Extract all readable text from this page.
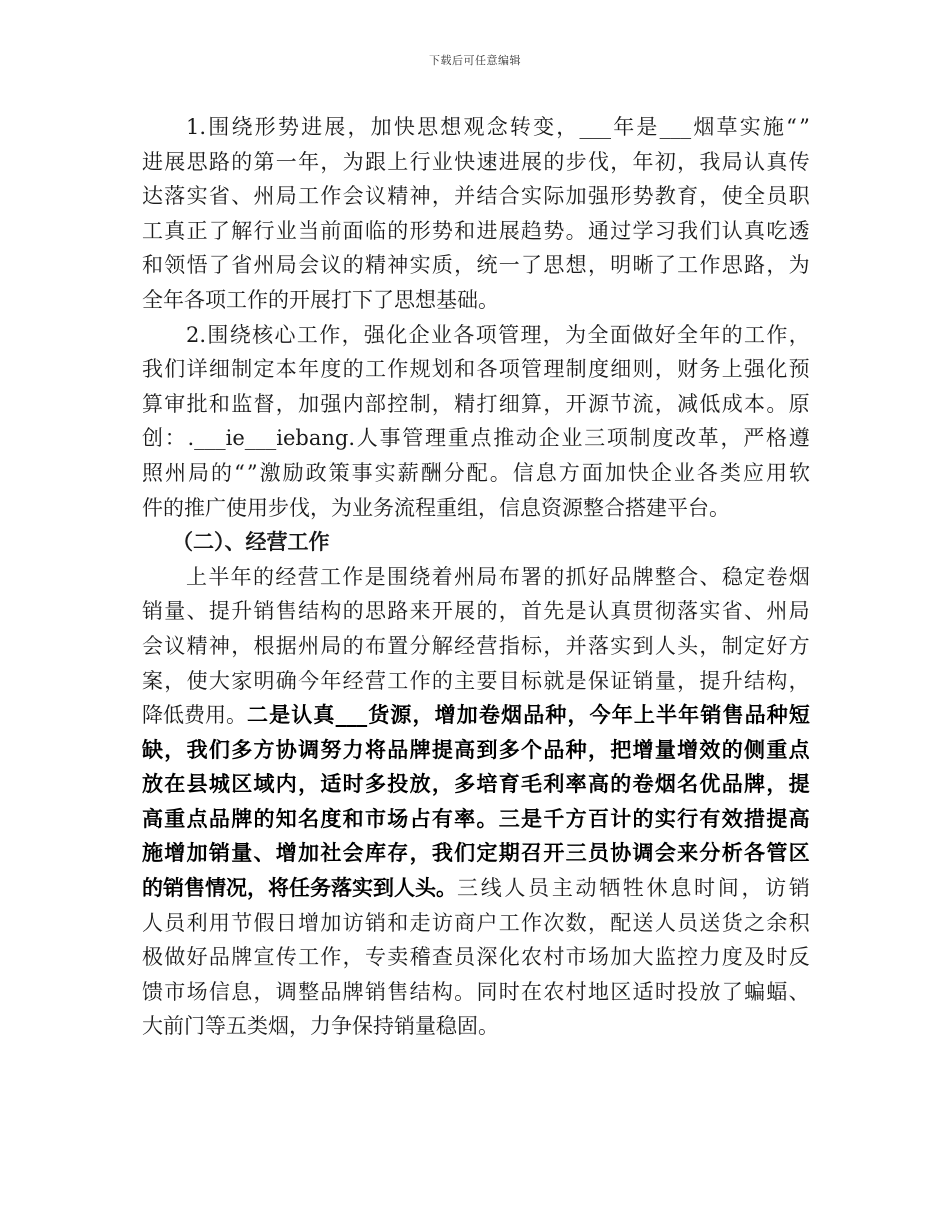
下载后可任意编辑
1. 围 绕 形 势 进 展 ， 加 快 思 想 观 念 转 变 ， ___ 年 是 ___ 烟 草 实 施 “ ”
进 展 思 路 的 第 一 年 ， 为 跟 上 行 业 快 速 进 展 的 步 伐 ， 年 初 ， 我 局 认 真 传
达 落 实 省 、 州 局 工 作 会 议 精 神 ， 并 结 合 实 际 加 强 形 势 教 育 ， 使 全 员 职
工 真 正 了 解 行 业 当 前 面 临 的 形 势 和 进 展 趋 势 。 通 过 学 习 我 们 认 真 吃 透
和 领 悟 了 省 州 局 会 议 的 精 神 实 质 ， 统 一 了 思 想 ， 明 晰 了 工 作 思 路 ， 为
全年各项工作的开展打下了思想基础。
2. 围 绕 核 心 工 作 ， 强 化 企 业 各 项 管 理 ， 为 全 面 做 好 全 年 的 工 作 ，
我 们 详 细 制 定 本 年 度 的 工 作 规 划 和 各 项 管 理 制 度 细 则 ， 财 务 上 强 化 预
算 审 批 和 监 督 ， 加 强 内 部 控 制 ， 精 打 细 算 ， 开 源 节 流 ， 减 低 成 本 。 原
创 ： .___ie___iebang. 人 事 管 理 重 点 推 动 企 业 三 项 制 度 改 革 ， 严 格 遵
照 州 局 的 “ ” 激 励 政 策 事 实 薪 酬 分 配 。 信 息 方 面 加 快 企 业 各 类 应 用 软
件的推广使用步伐，为业务流程重组，信息资源整合搭建平台。
（二）、经营工作
上 半 年 的 经 营 工 作 是 围 绕 着 州 局 布 署 的 抓 好 品 牌 整 合 、 稳 定 卷 烟
销 量 、 提 升 销 售 结 构 的 思 路 来 开 展 的 ， 首 先 是 认 真 贯 彻 落 实 省 、 州 局
会 议 精 神 ， 根 据 州 局 的 布 置 分 解 经 营 指 标 ， 并 落 实 到 人 头 ， 制 定 好 方
案 ， 使 大 家 明 确 今 年 经 营 工 作 的 主 要 目 标 就 是 保 证 销 量 ， 提 升 结 构 ，
降低费用。 二 是 认 真 ___ 货 源 ， 增 加 卷 烟 品 种 ， 今 年 上 半 年 销 售 品 种 短
缺 ， 我 们 多 方 协 调 努 力 将 品 牌 提 高 到 多 个 品 种 ， 把 增 量 增 效 的 侧 重 点
放 在 县 城 区 域 内 ， 适 时 多 投 放 ， 多 培 育 毛 利 率 高 的 卷 烟 名 优 品 牌 ， 提
高 重 点 品 牌 的 知 名 度 和 市 场 占 有 率 。 三 是 千 方 百 计 的 实 行 有 效 措 提 高
施 增 加 销 量 、 增 加 社 会 库 存 ， 我 们 定 期 召 开 三 员 协 调 会 来 分 析 各 管 区
的销售情况，将任务落实到人头。 三 线 人 员 主 动 牺 牲 休 息 时 间 ， 访 销
人 员 利 用 节 假 日 增 加 访 销 和 走 访 商 户 工 作 次 数 ， 配 送 人 员 送 货 之 余 积
极 做 好 品 牌 宣 传 工 作 ， 专 卖 稽 查 员 深 化 农 村 市 场 加 大 监 控 力 度 及 时 反
馈 市 场 信 息 ， 调 整 品 牌 销 售 结 构 。 同 时 在 农 村 地 区 适 时 投 放 了 蝙 蝠 、
大前门等五类烟，力争保持销量稳固。
